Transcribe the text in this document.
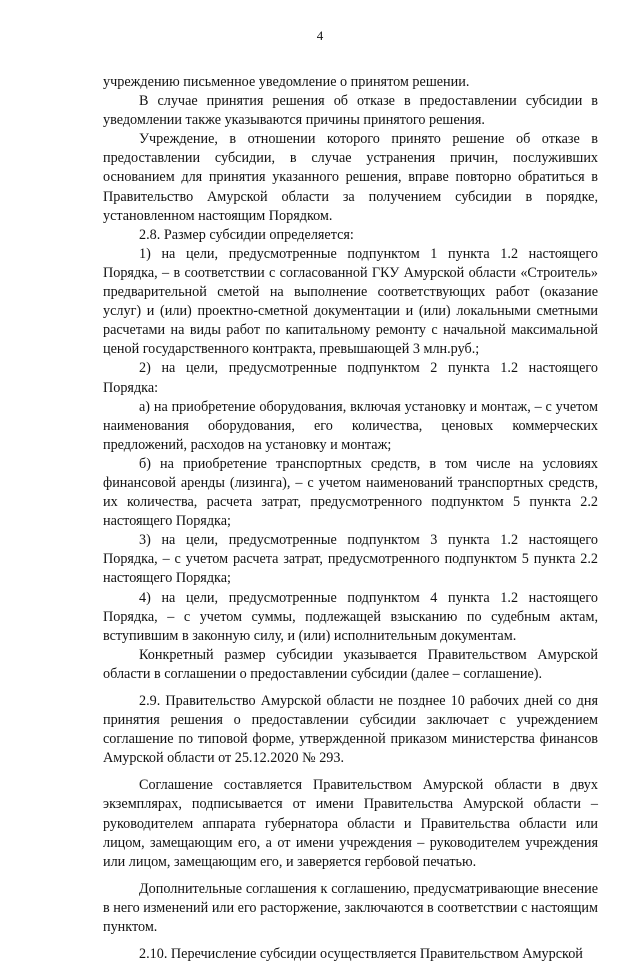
4

учреждению письменное уведомление о принятом решении.

В случае принятия решения об отказе в предоставлении субсидии в уведомлении также указываются причины принятого решения.

Учреждение, в отношении которого принято решение об отказе в предоставлении субсидии, в случае устранения причин, послуживших основанием для принятия указанного решения, вправе повторно обратиться в Правительство Амурской области за получением субсидии в порядке, установленном настоящим Порядком.

2.8. Размер субсидии определяется:

1) на цели, предусмотренные подпунктом 1 пункта 1.2 настоящего Порядка, – в соответствии с согласованной ГКУ Амурской области «Строитель» предварительной сметой на выполнение соответствующих работ (оказание услуг) и (или) проектно-сметной документации и (или) локальными сметными расчетами на виды работ по капитальному ремонту с начальной максимальной ценой государственного контракта, превышающей 3 млн.руб.;

2) на цели, предусмотренные подпунктом 2 пункта 1.2 настоящего Порядка:

а) на приобретение оборудования, включая установку и монтаж, – с учетом наименования оборудования, его количества, ценовых коммерческих предложений, расходов на установку и монтаж;

б) на приобретение транспортных средств, в том числе на условиях финансовой аренды (лизинга), – с учетом наименований транспортных средств, их количества, расчета затрат, предусмотренного подпунктом 5 пункта 2.2 настоящего Порядка;

3) на цели, предусмотренные подпунктом 3 пункта 1.2 настоящего Порядка, – с учетом расчета затрат, предусмотренного подпунктом 5 пункта 2.2 настоящего Порядка;

4) на цели, предусмотренные подпунктом 4 пункта 1.2 настоящего Порядка, – с учетом суммы, подлежащей взысканию по судебным актам, вступившим в законную силу, и (или) исполнительным документам.

Конкретный размер субсидии указывается Правительством Амурской области в соглашении о предоставлении субсидии (далее – соглашение).

2.9. Правительство Амурской области не позднее 10 рабочих дней со дня принятия решения о предоставлении субсидии заключает с учреждением соглашение по типовой форме, утвержденной приказом министерства финансов Амурской области от 25.12.2020 № 293.

Соглашение составляется Правительством Амурской области в двух экземплярах, подписывается от имени Правительства Амурской области – руководителем аппарата губернатора области и Правительства области или лицом, замещающим его, а от имени учреждения – руководителем учреждения или лицом, замещающим его, и заверяется гербовой печатью.

Дополнительные соглашения к соглашению, предусматривающие внесение в него изменений или его расторжение, заключаются в соответствии с настоящим пунктом.

2.10. Перечисление субсидии осуществляется Правительством Амурской
